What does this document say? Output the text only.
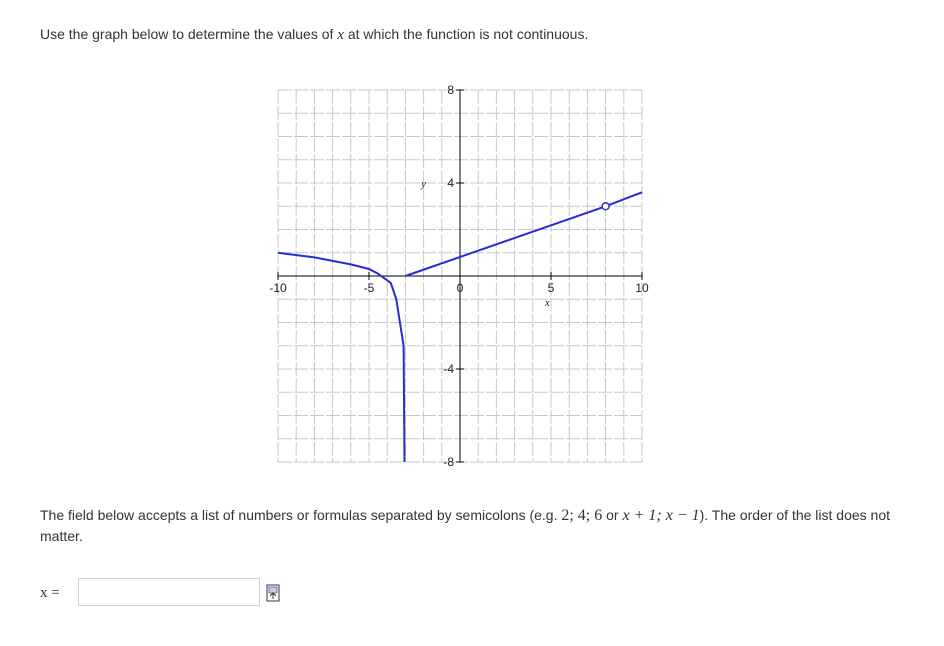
Use the graph below to determine the values of x at which the function is not continuous.
-10	-5	0	5	10
8
4
-4
-8
x
y
The field below accepts a list of numbers or formulas separated by semicolons (e.g. 2; 4; 6 or x + 1; x − 1). The order of the list does not matter.
x =
